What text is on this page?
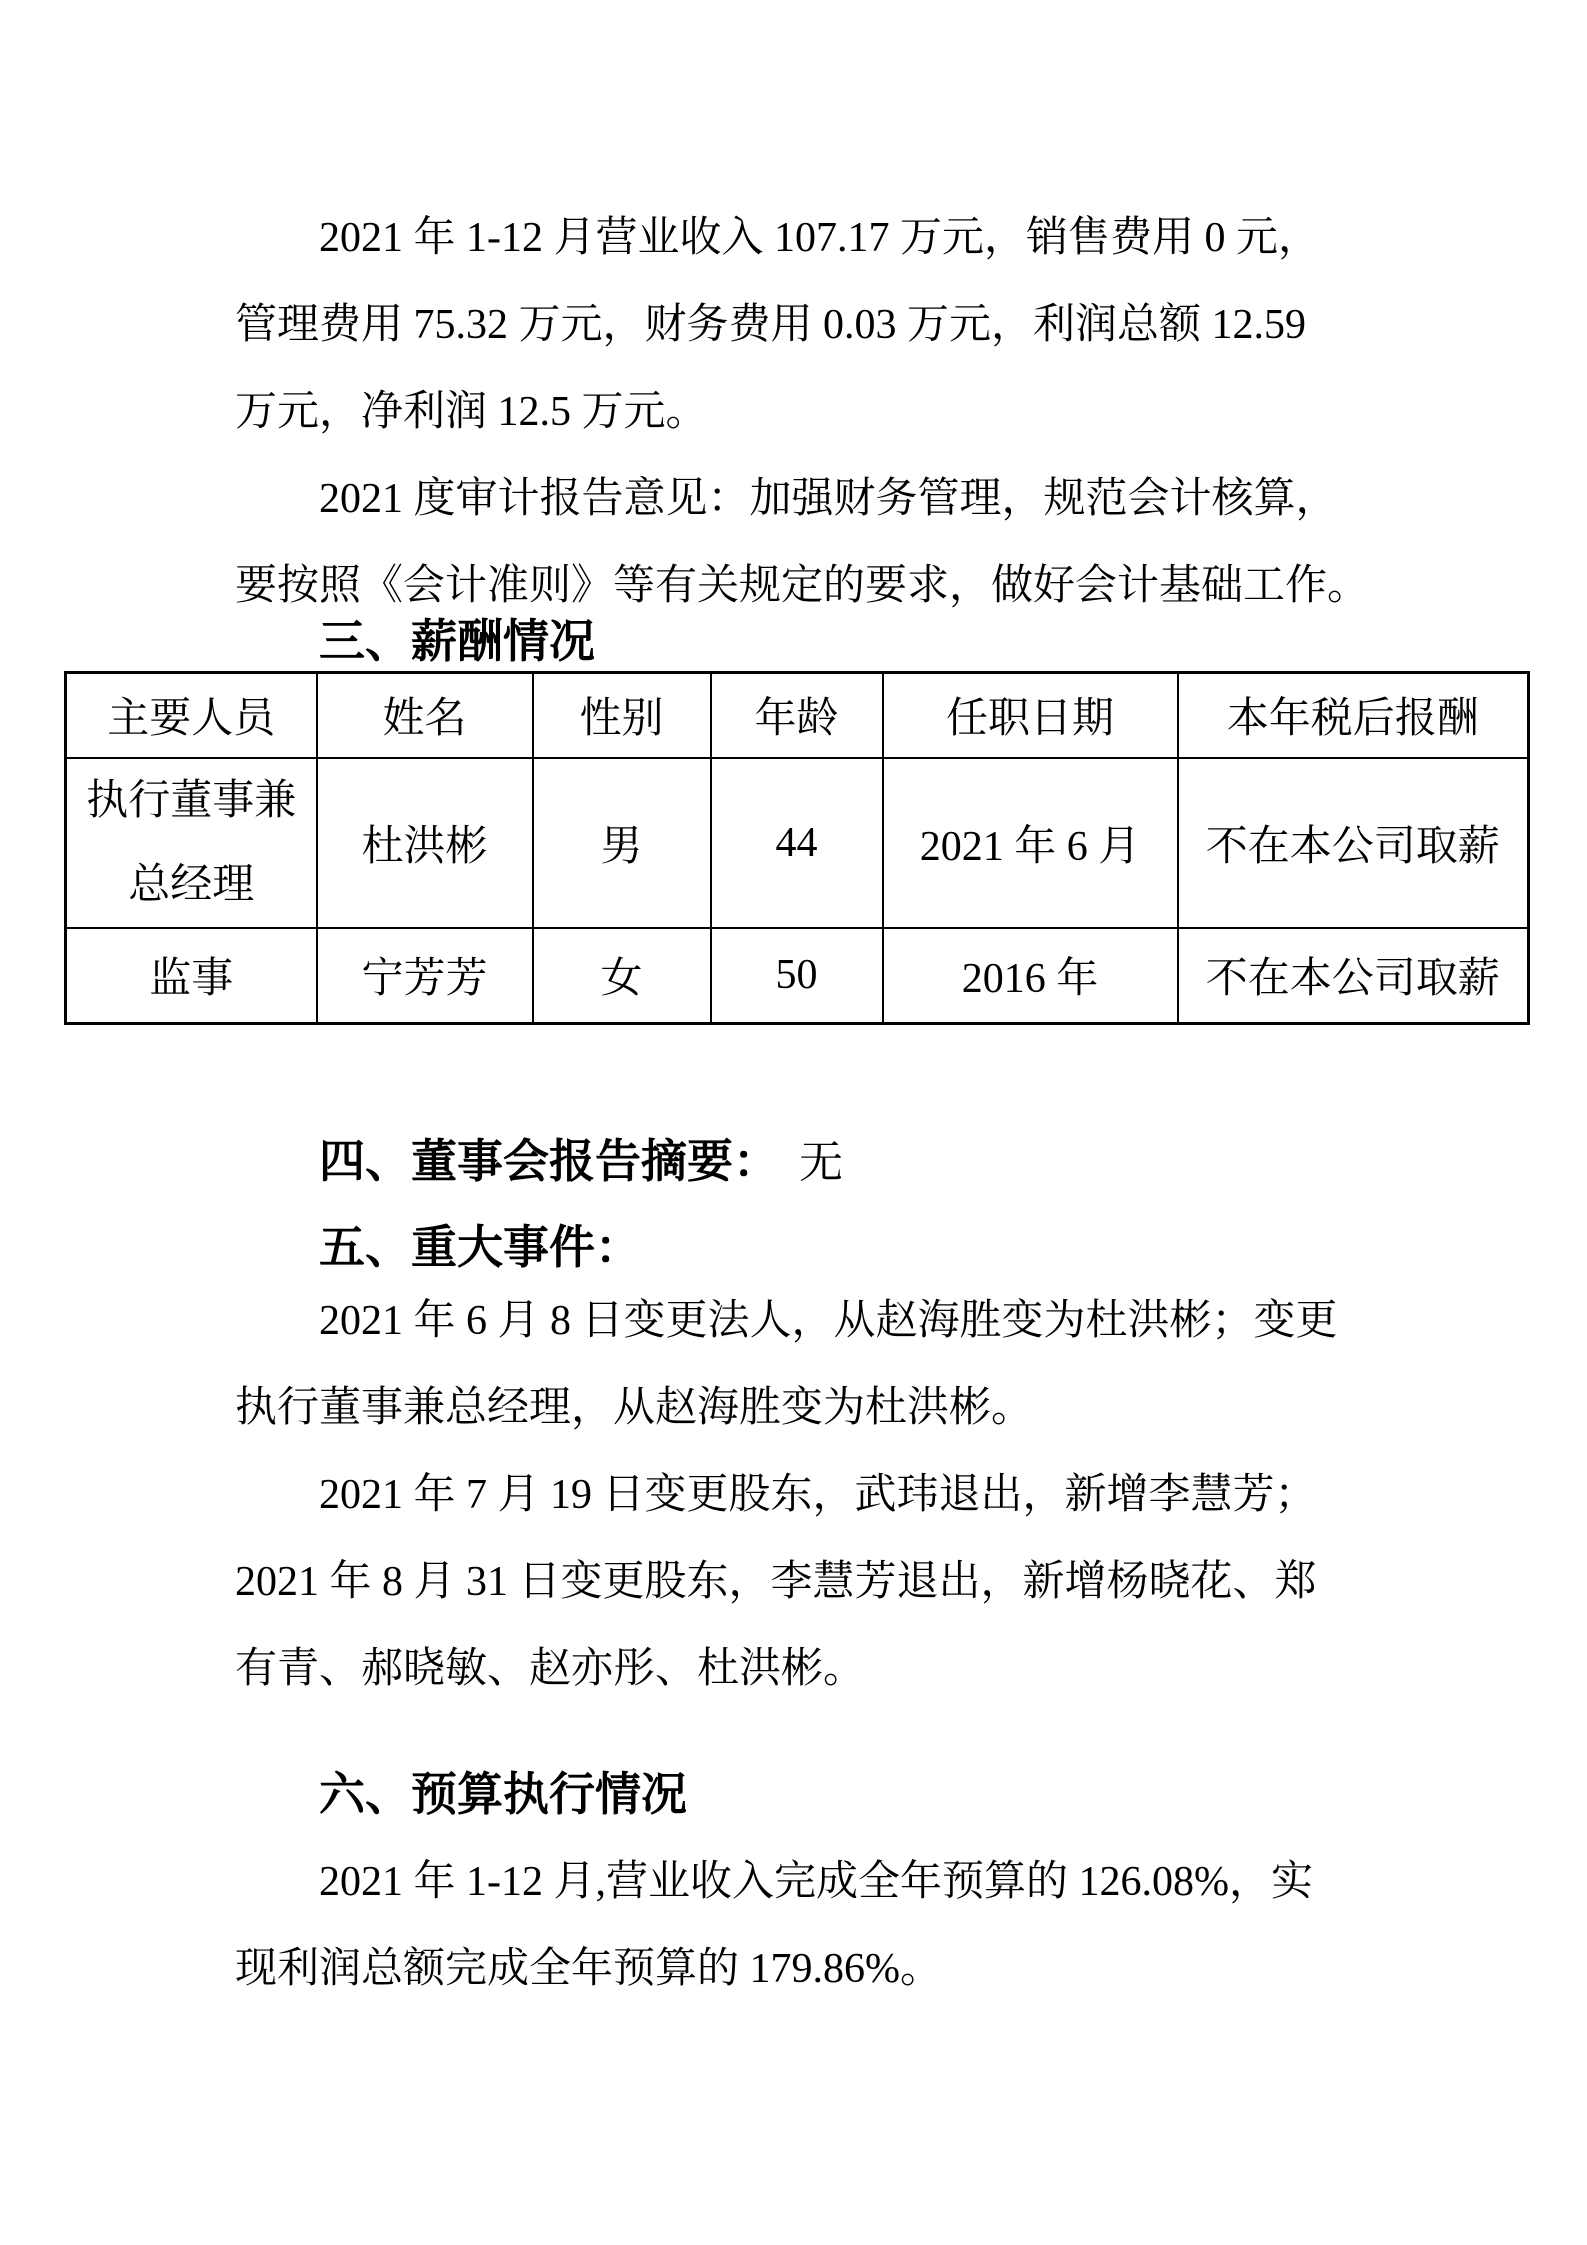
2021 年 1-12 月营业收入 107.17 万元，销售费用 0 元，
管理费用 75.32 万元，财务费用 0.03 万元，利润总额 12.59
万元，净利润 12.5 万元。

2021 度审计报告意见：加强财务管理，规范会计核算，
要按照《会计准则》等有关规定的要求，做好会计基础工作。

三、薪酬情况
主要人员	姓名	性别	年龄	任职日期	本年税后报酬

执行董事兼
总经理	杜洪彬	男	44	2021 年 6 月	不在本公司取薪
监事	宁芳芳	女	50	2016 年	不在本公司取薪
四、董事会报告摘要： 无
五、重大事件：

2021 年 6 月 8 日变更法人，从赵海胜变为杜洪彬；变更
执行董事兼总经理，从赵海胜变为杜洪彬。

2021 年 7 月 19 日变更股东，武玮退出，新增李慧芳；
2021 年 8 月 31 日变更股东，李慧芳退出，新增杨晓花、郑
有青、郝晓敏、赵亦彤、杜洪彬。

六、预算执行情况

2021 年 1-12 月,营业收入完成全年预算的 126.08%，实
现利润总额完成全年预算的 179.86%。
